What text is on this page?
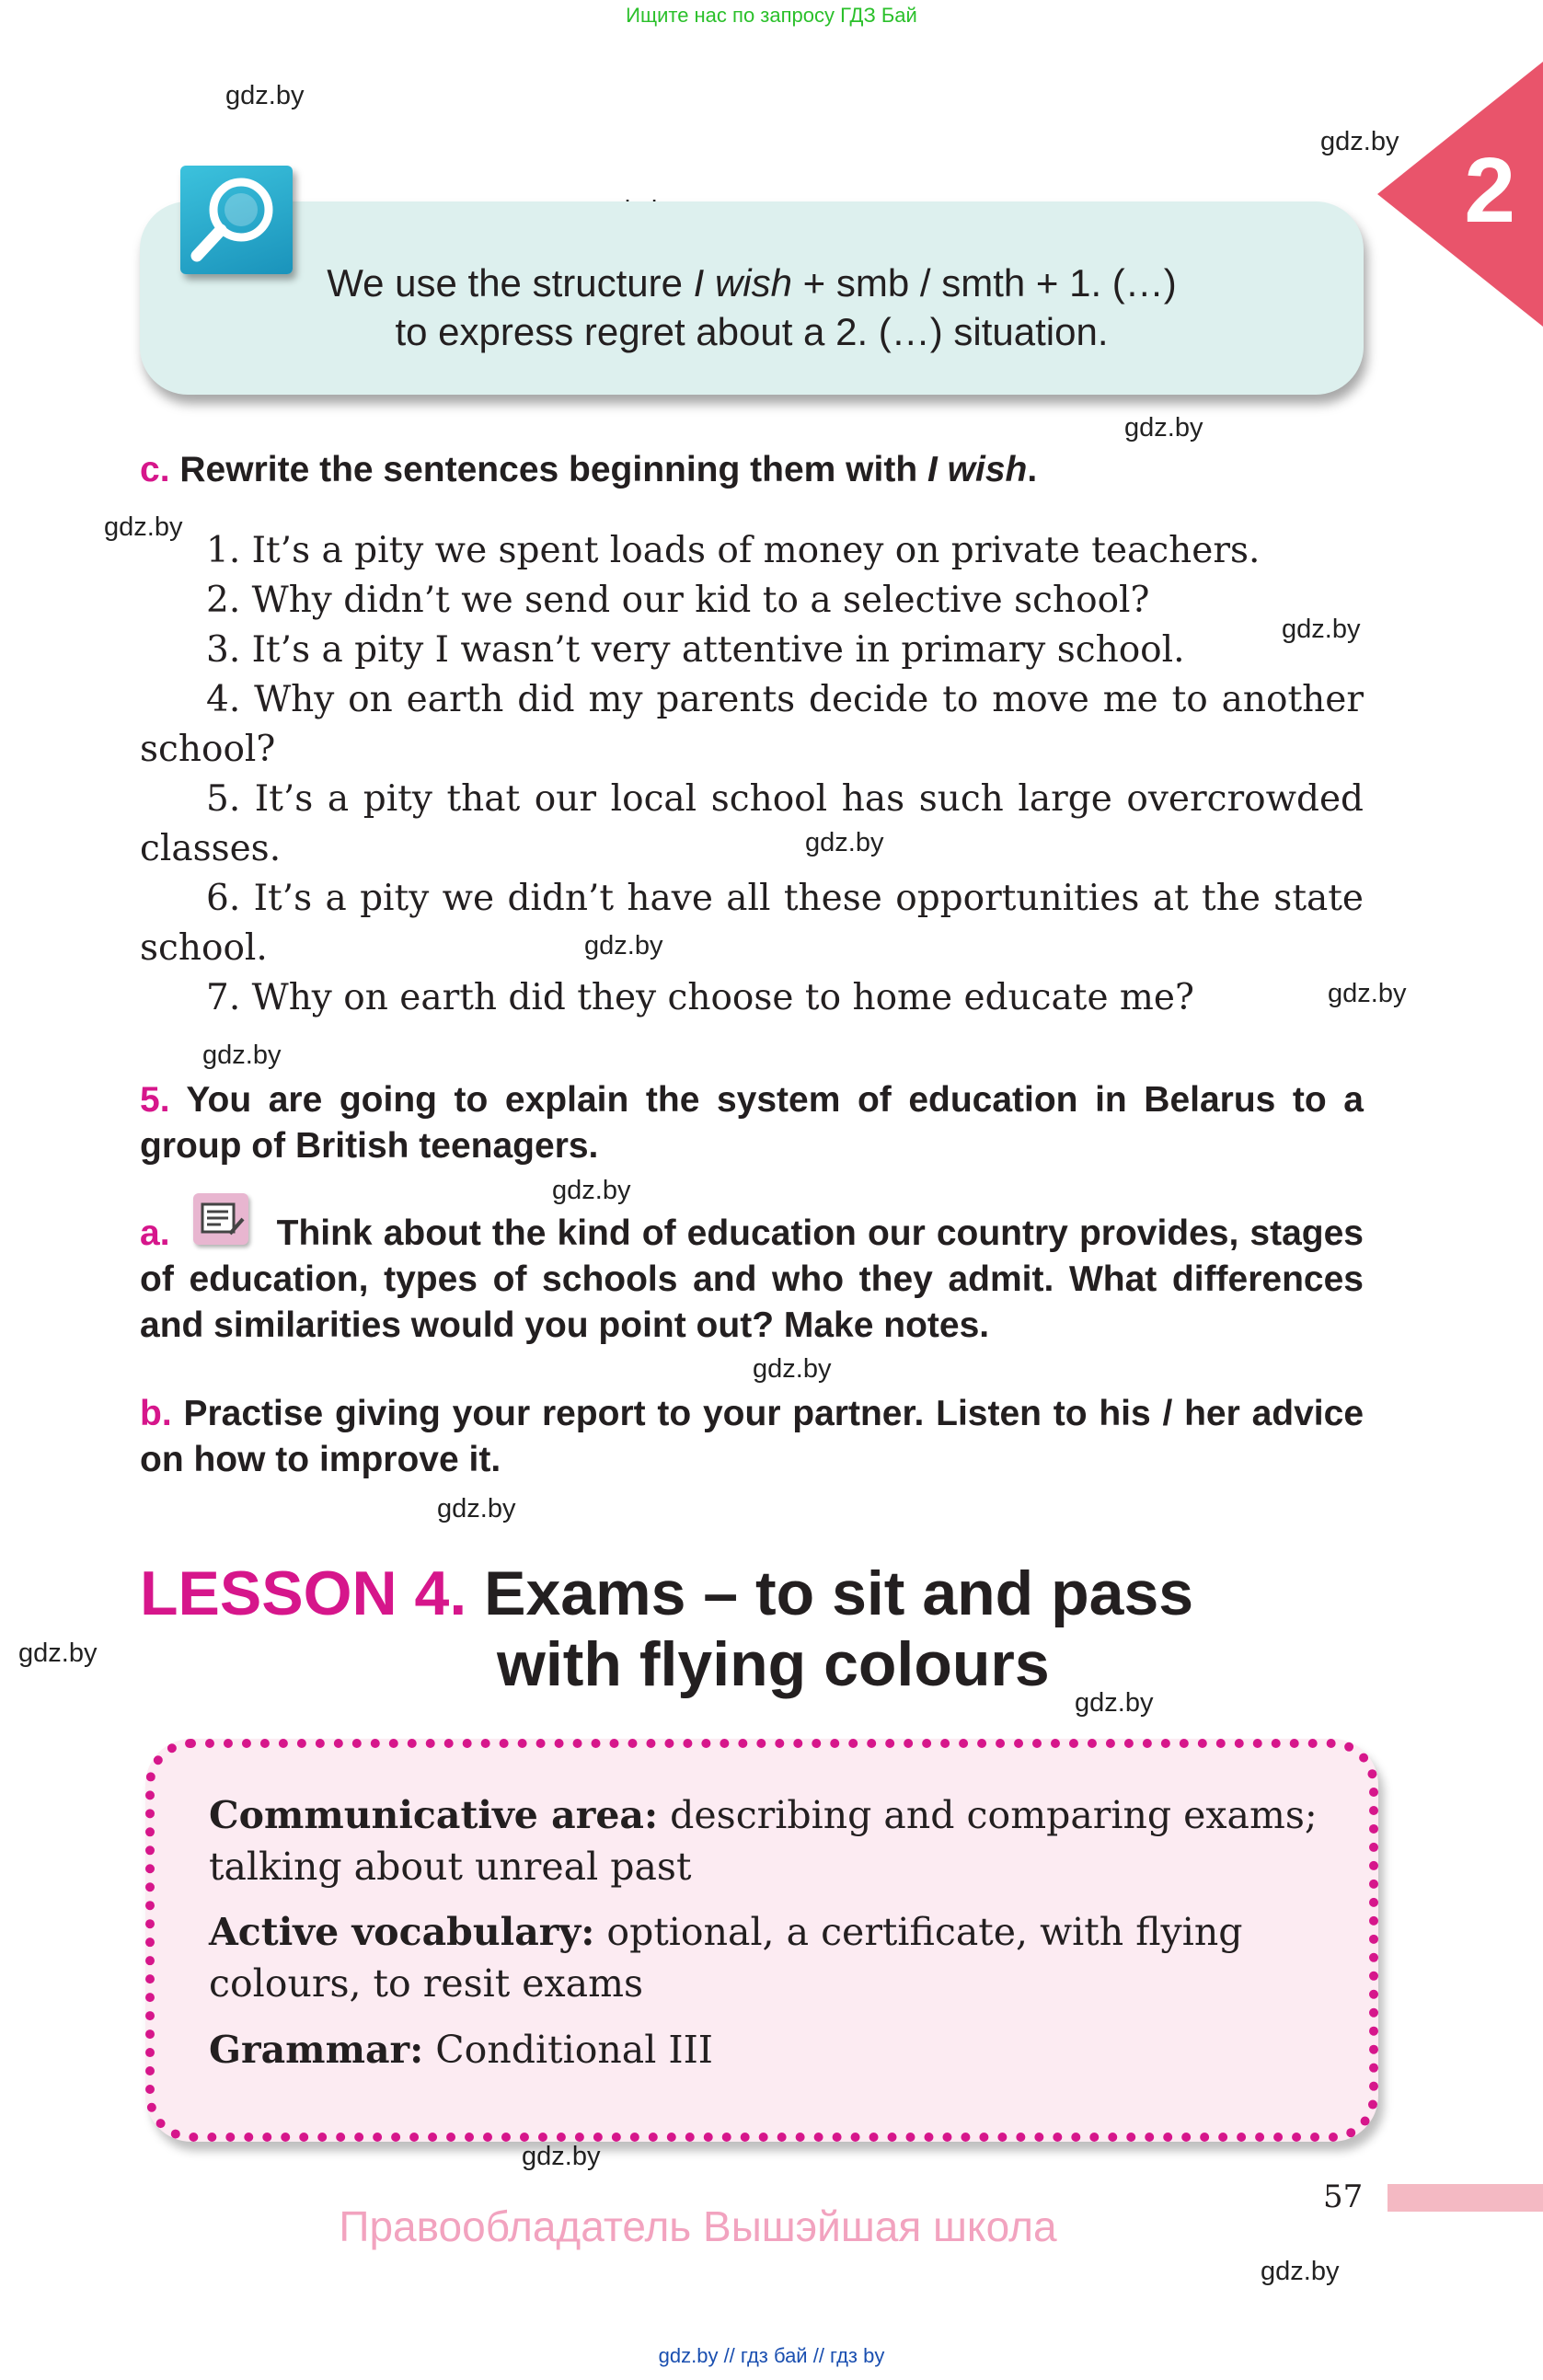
Ищите нас по запросу ГДЗ Бай
gdz.by
gdz.by
gdz.by
gdz.by
gdz.by
gdz.by
gdz.by
gdz.by
gdz.by
gdz.by
gdz.by
gdz.by
gdz.by
gdz.by
gdz.by
gdz.by
2
We use the structure I wish + smb / smth + 1. (…)
to express regret about a 2. (…) situation.
c. Rewrite the sentences beginning them with I wish.
1. It’s a pity we spent loads of money on private teachers.
2. Why didn’t we send our kid to a selective school?
3. It’s a pity I wasn’t very attentive in primary school.
4. Why on earth did my parents decide to move me to another school?
5. It’s a pity that our local school has such large overcrowded classes.
6. It’s a pity we didn’t have all these opportunities at the state school.
7. Why on earth did they choose to home educate me?
5. You are going to explain the system of education in Belarus to a group of British teenagers.
a.	Think about the kind of education our country provides, stages of education, types of schools and who they admit. What differences and similarities would you point out? Make notes.
b. Practise giving your report to your partner. Listen to his / her advice on how to improve it.
LESSON 4. Exams – to sit and pass
with flying colours
Communicative area: describing and comparing exams; talking about unreal past
Active vocabulary: optional, a certificate, with flying colours, to resit exams
Grammar: Conditional III
57
Правообладатель Вышэйшая школа
gdz.by // гдз бай // гдз by
